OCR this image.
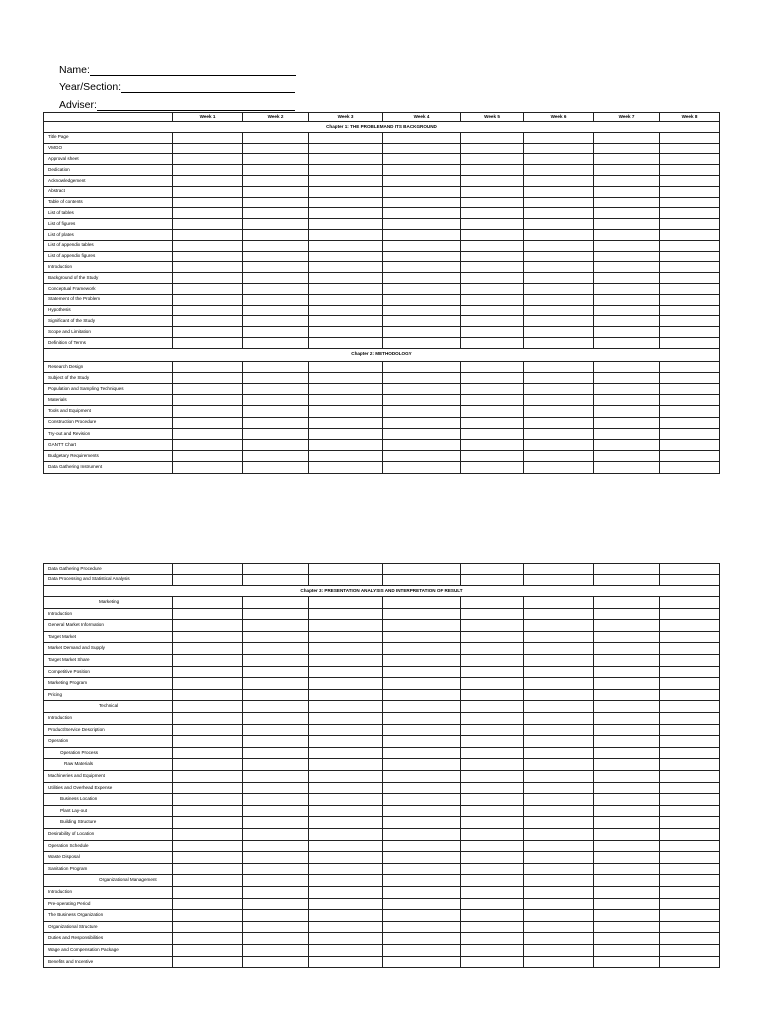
Name:
Year/Section:
Adviser:
	Week 1	Week 2	Week 3	Week 4	Week 5	Week 6	Week 7	Week 8
Chapter 1: THE PROBLEMAND ITS BACKGROUND								
Title Page								
VMGO								
Approval sheet								
Dedication								
Acknowledgement								
Abstract								
Table of contents								
List of tables								
List of figures								
List of plates								
List of appendix tables								
List of appendix figures								
Introduction								
Background of the Study								
Conceptual Framework								
Statement of the Problem								
Hypothesis								
Significant of the Study								
Scope and Limitation								
Definition of Terms								
Chapter 2: METHODOLOGY								
Research Design								
Subject of the Study								
Population and Sampling Techniques								
Materials								
Tools and Equipment								
Construction Procedure								
Try-out and Revision								
GANTT Chart								
Budgetary Requirements								
Data Gathering Instrument								
Data Gathering Procedure								
Data Processing and Statistical Analysis								
Chapter 3: PRESENTATION ANALYSIS AND INTERPRETATION OF RESULT								
Marketing								
Introduction								
General Market Information								
Target Market								
Market Demand and Supply								
Target Market Share								
Competitive Position								
Marketing Program								
Pricing								
Technical								
Introduction								
Product/Service Description								
Operation								
Operation Process								
Raw Materials								
Machineries and Equipment								
Utilities and Overhead Expense								
Business Location								
Plant Lay-out								
Building Structure								
Desirability of Location								
Operation Schedule								
Waste Disposal								
Sanitation Program								
Organizational Management								
Introduction								
Pre-operating Period								
The Business Organization								
Organizational Structure								
Duties and Responsibilities								
Wage and Compensation Package								
Benefits and Incentive								
